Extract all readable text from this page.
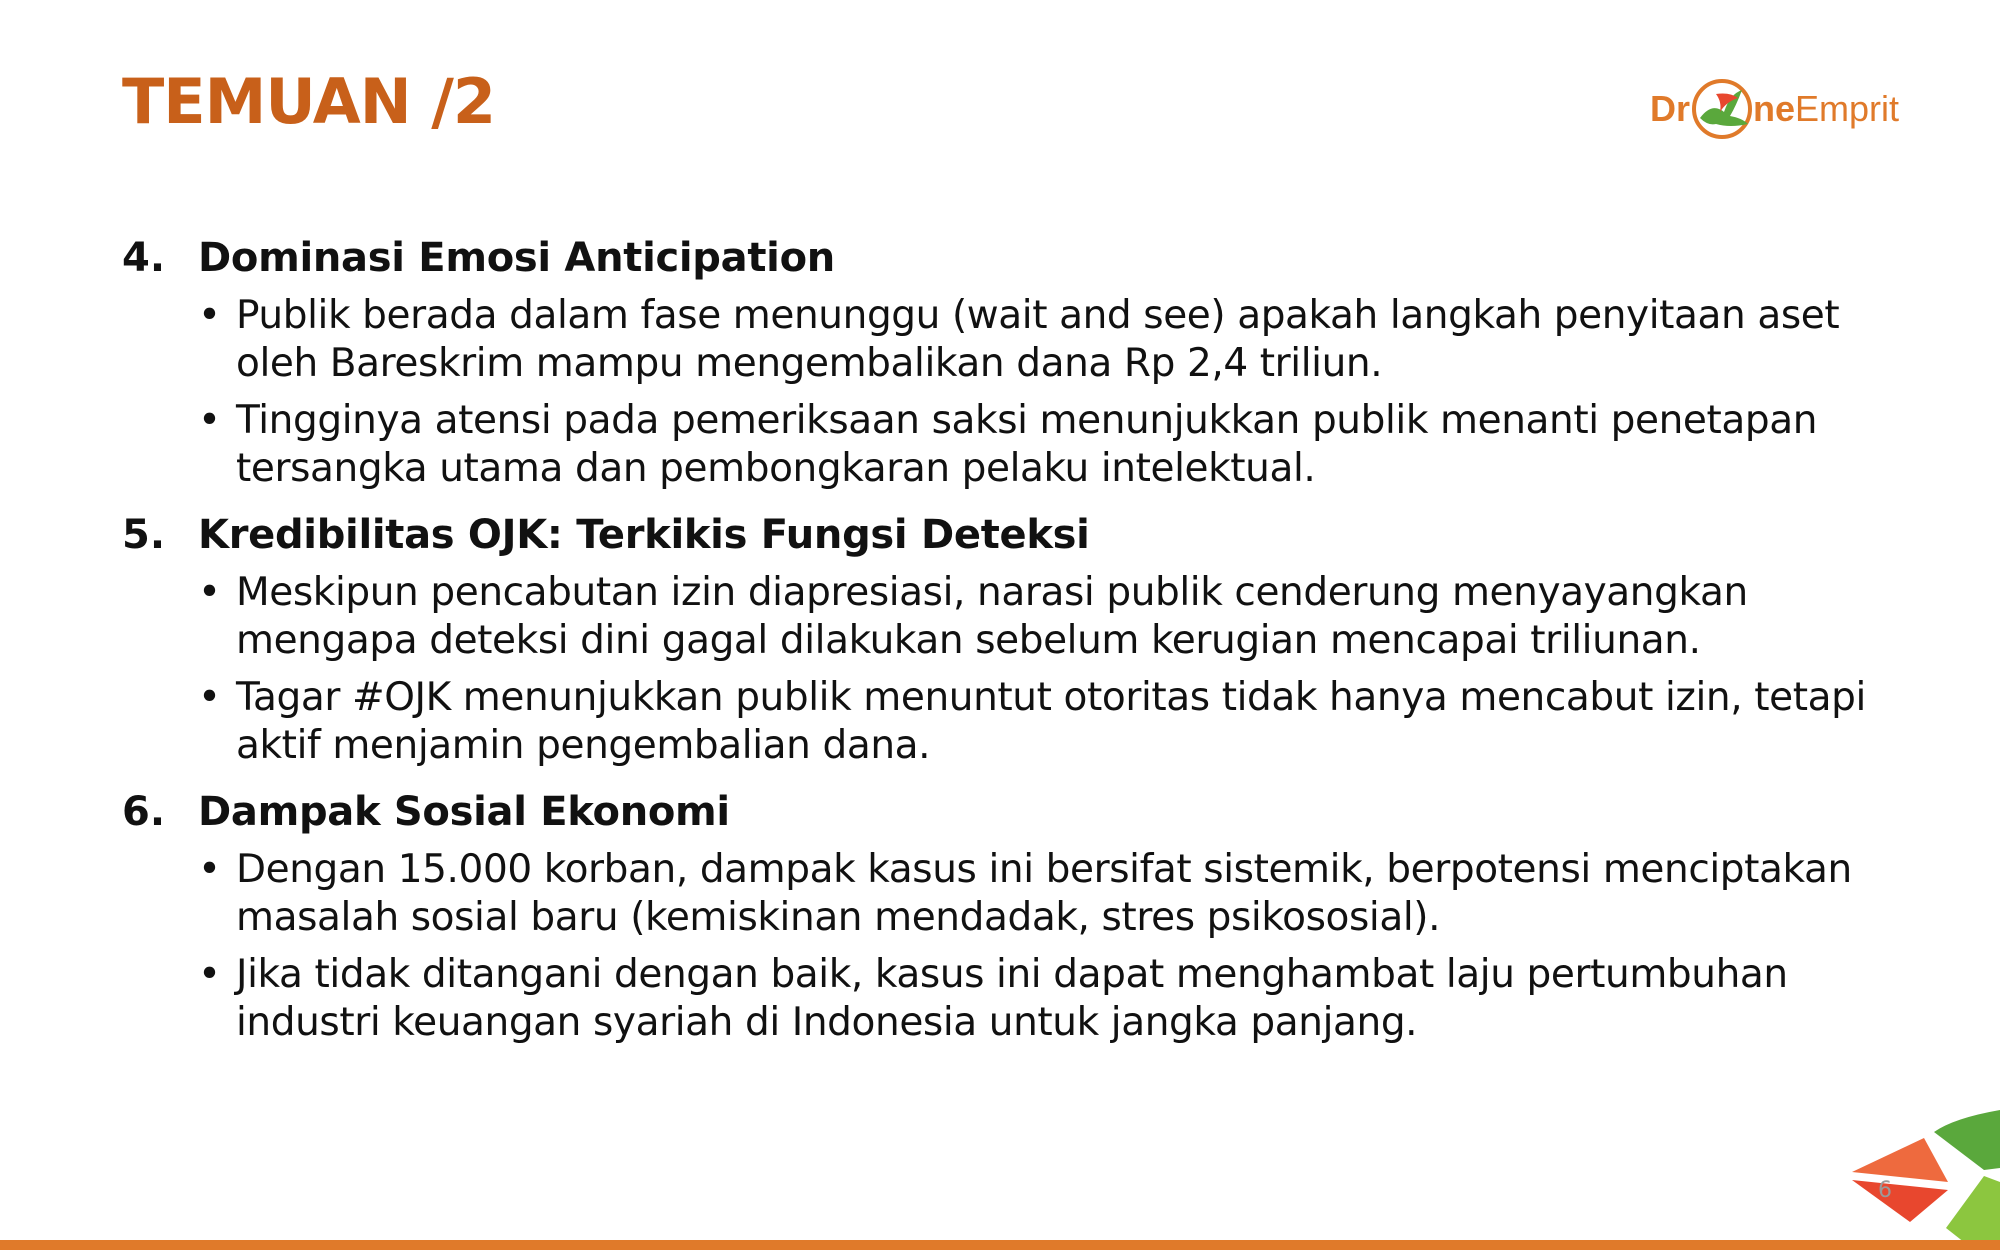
TEMUAN /2	Dr ne Emprit
4. Dominasi Emosi Anticipation
• Publik berada dalam fase menunggu (wait and see) apakah langkah penyitaan aset oleh Bareskrim mampu mengembalikan dana Rp 2,4 triliun.
• Tingginya atensi pada pemeriksaan saksi menunjukkan publik menanti penetapan tersangka utama dan pembongkaran pelaku intelektual.
5. Kredibilitas OJK: Terkikis Fungsi Deteksi
• Meskipun pencabutan izin diapresiasi, narasi publik cenderung menyayangkan mengapa deteksi dini gagal dilakukan sebelum kerugian mencapai triliunan.
• Tagar #OJK menunjukkan publik menuntut otoritas tidak hanya mencabut izin, tetapi aktif menjamin pengembalian dana.
6. Dampak Sosial Ekonomi
• Dengan 15.000 korban, dampak kasus ini bersifat sistemik, berpotensi menciptakan masalah sosial baru (kemiskinan mendadak, stres psikososial).
• Jika tidak ditangani dengan baik, kasus ini dapat menghambat laju pertumbuhan industri keuangan syariah di Indonesia untuk jangka panjang.
6
